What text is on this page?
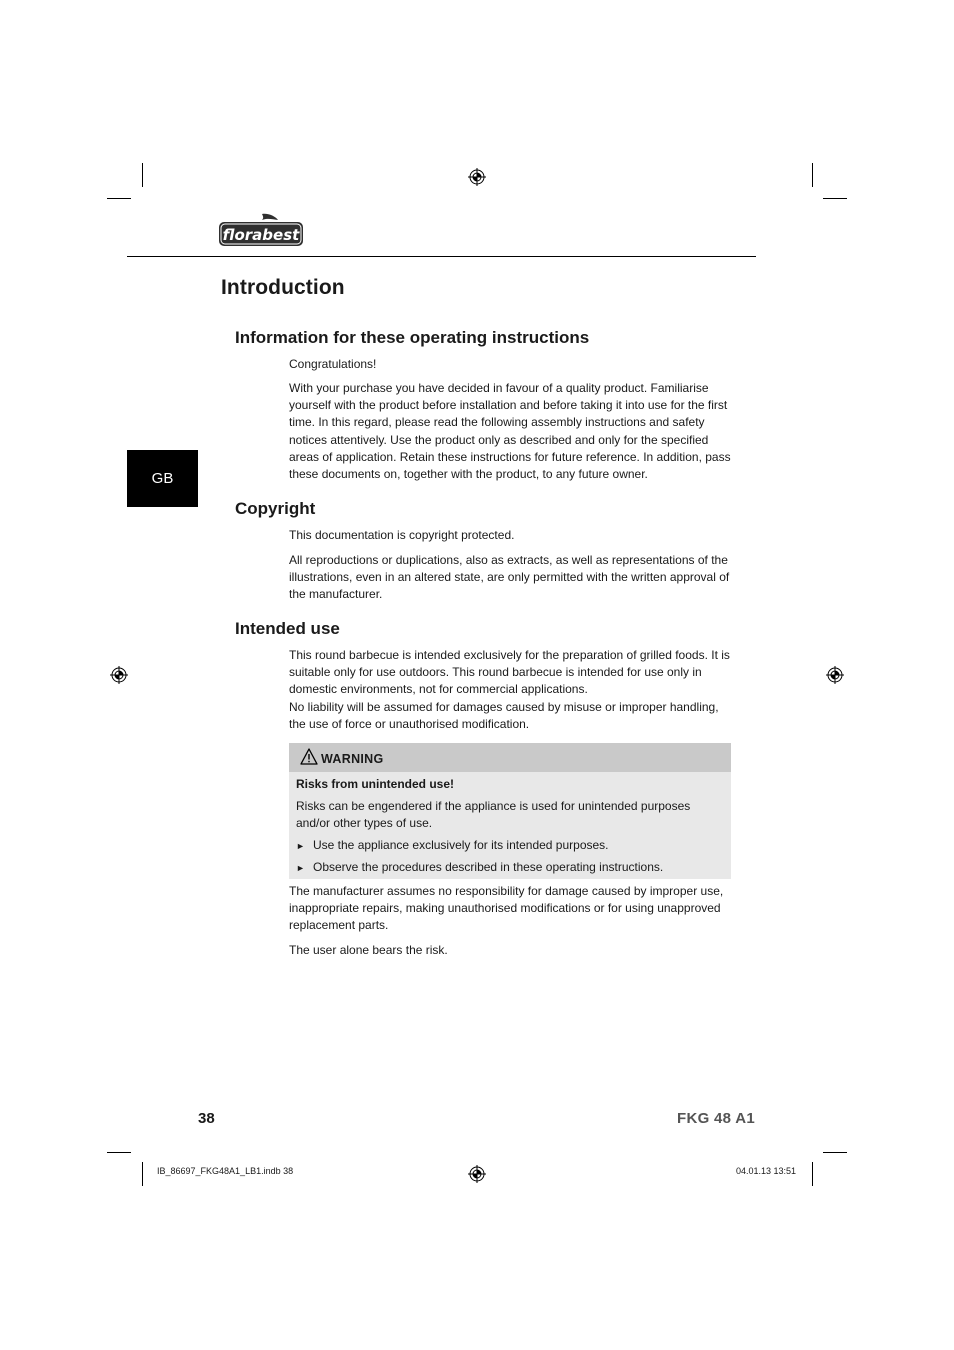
florabest
Introduction
Information for these operating instructions

Congratulations!

With your purchase you have decided in favour of a quality product. Familiarise yourself with the product before installation and before taking it into use for the first time. In this regard, please read the following assembly instructions and safety notices attentively. Use the product only as described and only for the specified areas of application. Retain these instructions for future reference. In addition, pass these documents on, together with the product, to any future owner.

GB
Copyright

This documentation is copyright protected.

All reproductions or duplications, also as extracts, as well as representations of the illustrations, even in an altered state, are only permitted with the written approval of the manufacturer.

Intended use

This round barbecue is intended exclusively for the preparation of grilled foods. It is suitable only for use outdoors. This round barbecue is intended for use only in domestic environments, not for commercial applications.

No liability will be assumed for damages caused by misuse or improper handling, the use of force or unauthorised modification.

WARNING
Risks from unintended use!
Risks can be engendered if the appliance is used for unintended purposes and/or other types of use.
► Use the appliance exclusively for its intended purposes.
► Observe the procedures described in these operating instructions.

The manufacturer assumes no responsibility for damage caused by improper use, inappropriate repairs, making unauthorised modifications or for using unapproved replacement parts.

The user alone bears the risk.

38	FKG 48 A1
IB_86697_FKG48A1_LB1.indb 38	04.01.13 13:51
